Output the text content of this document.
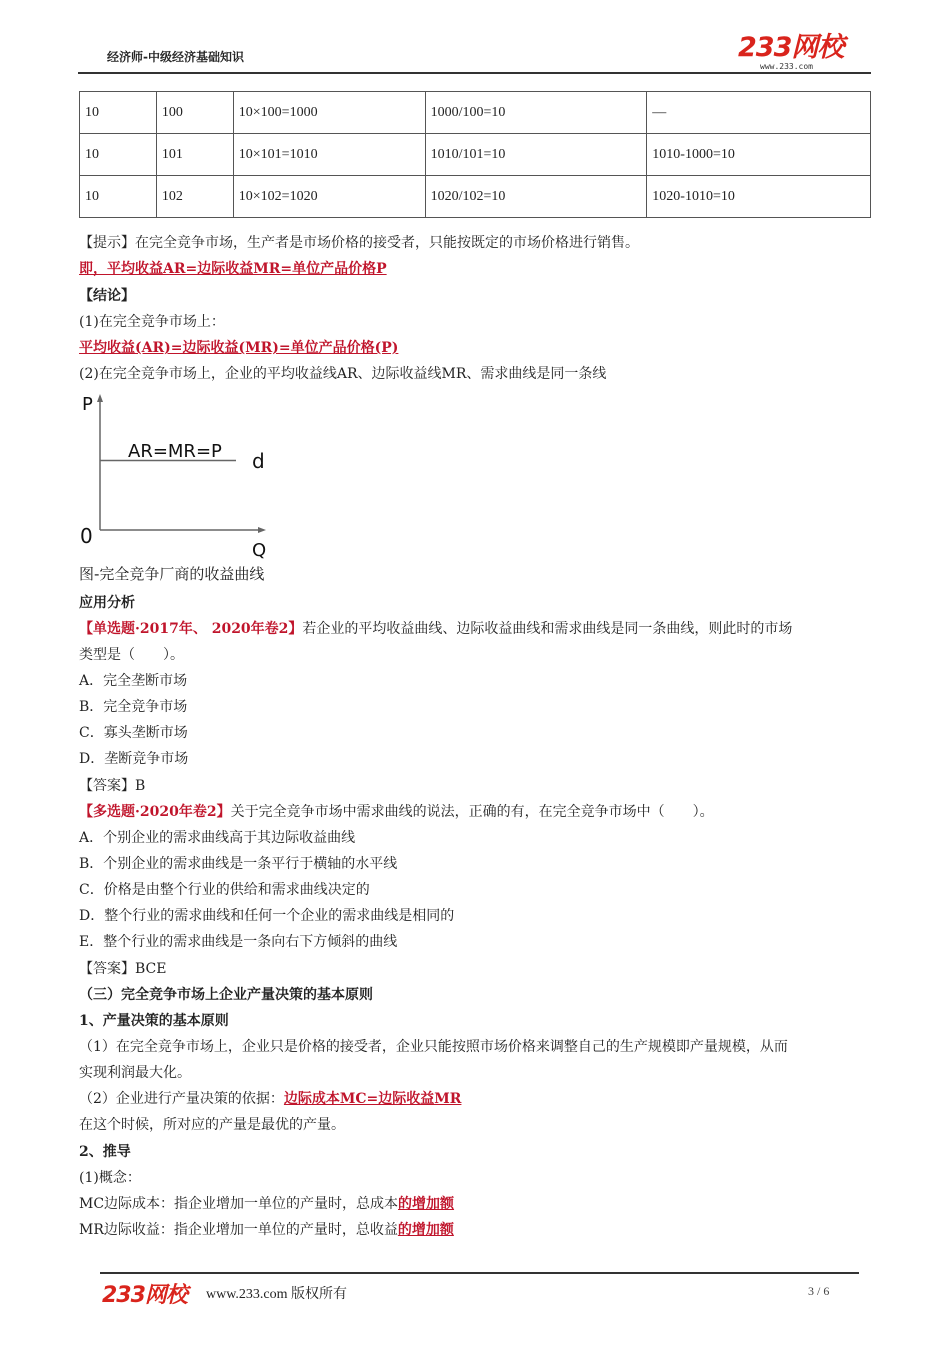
经济师-中级经济基础知识	233网校
www.233.com
10	100	10×100=1000	1000/100=10	—
10	101	10×101=1010	1010/101=10	1010-1000=10
10	102	10×102=1020	1020/102=10	1020-1010=10
【提示】在完全竞争市场，生产者是市场价格的接受者，只能按既定的市场价格进行销售。
即，平均收益AR=边际收益MR=单位产品价格P
【结论】
(1)在完全竞争市场上：
平均收益(AR)=边际收益(MR)=单位产品价格(P)
(2)在完全竞争市场上，企业的平均收益线AR、边际收益线MR、需求曲线是同一条线
P
AR=MR=P d
0
Q
图-完全竞争厂商的收益曲线
应用分析
【单选题·2017年、 2020年卷2】若企业的平均收益曲线、边际收益曲线和需求曲线是同一条曲线，则此时的市场
类型是（　　）。
A．完全垄断市场
B．完全竞争市场
C．寡头垄断市场
D．垄断竞争市场
【答案】B
【多选题·2020年卷2】关于完全竞争市场中需求曲线的说法，正确的有，在完全竞争市场中（　　）。
A．个别企业的需求曲线高于其边际收益曲线
B．个别企业的需求曲线是一条平行于横轴的水平线
C．价格是由整个行业的供给和需求曲线决定的
D．整个行业的需求曲线和任何一个企业的需求曲线是相同的
E．整个行业的需求曲线是一条向右下方倾斜的曲线
【答案】BCE
（三）完全竞争市场上企业产量决策的基本原则
1、产量决策的基本原则
（1）在完全竞争市场上，企业只是价格的接受者，企业只能按照市场价格来调整自己的生产规模即产量规模，从而
实现利润最大化。
（2）企业进行产量决策的依据：边际成本MC=边际收益MR
在这个时候，所对应的产量是最优的产量。
2、推导
(1)概念：
MC边际成本：指企业增加一单位的产量时，总成本的增加额
MR边际收益：指企业增加一单位的产量时，总收益的增加额
233网校 www.233.com 版权所有	3 / 6
